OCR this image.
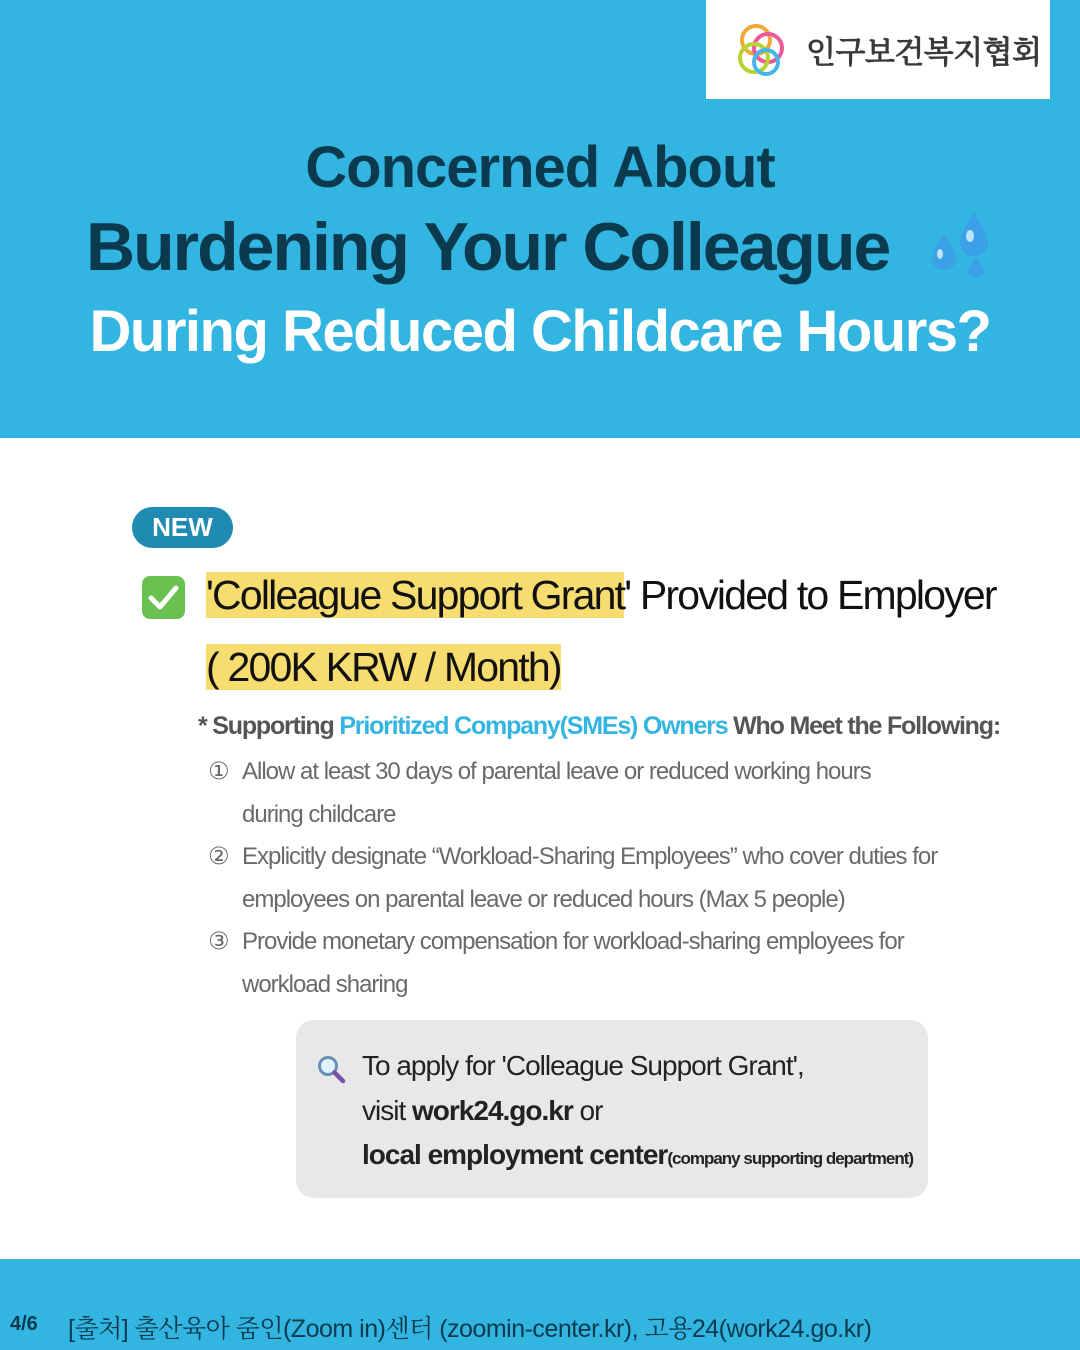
인구보건복지협회
Concerned About
Burdening Your Colleague
During Reduced Childcare Hours?
NEW
'Colleague Support Grant' Provided to Employer
( 200K KRW / Month)
* Supporting Prioritized Company(SMEs) Owners Who Meet the Following:
① Allow at least 30 days of parental leave or reduced working hours
during childcare
② Explicitly designate “Workload-Sharing Employees” who cover duties for
employees on parental leave or reduced hours (Max 5 people)
③ Provide monetary compensation for workload-sharing employees for
workload sharing
To apply for 'Colleague Support Grant',
visit work24.go.kr or
local employment center(company supporting department)
4/6 [출처] 출산육아 줌인(Zoom in)센터 (zoomin-center.kr), 고용24(work24.go.kr)
